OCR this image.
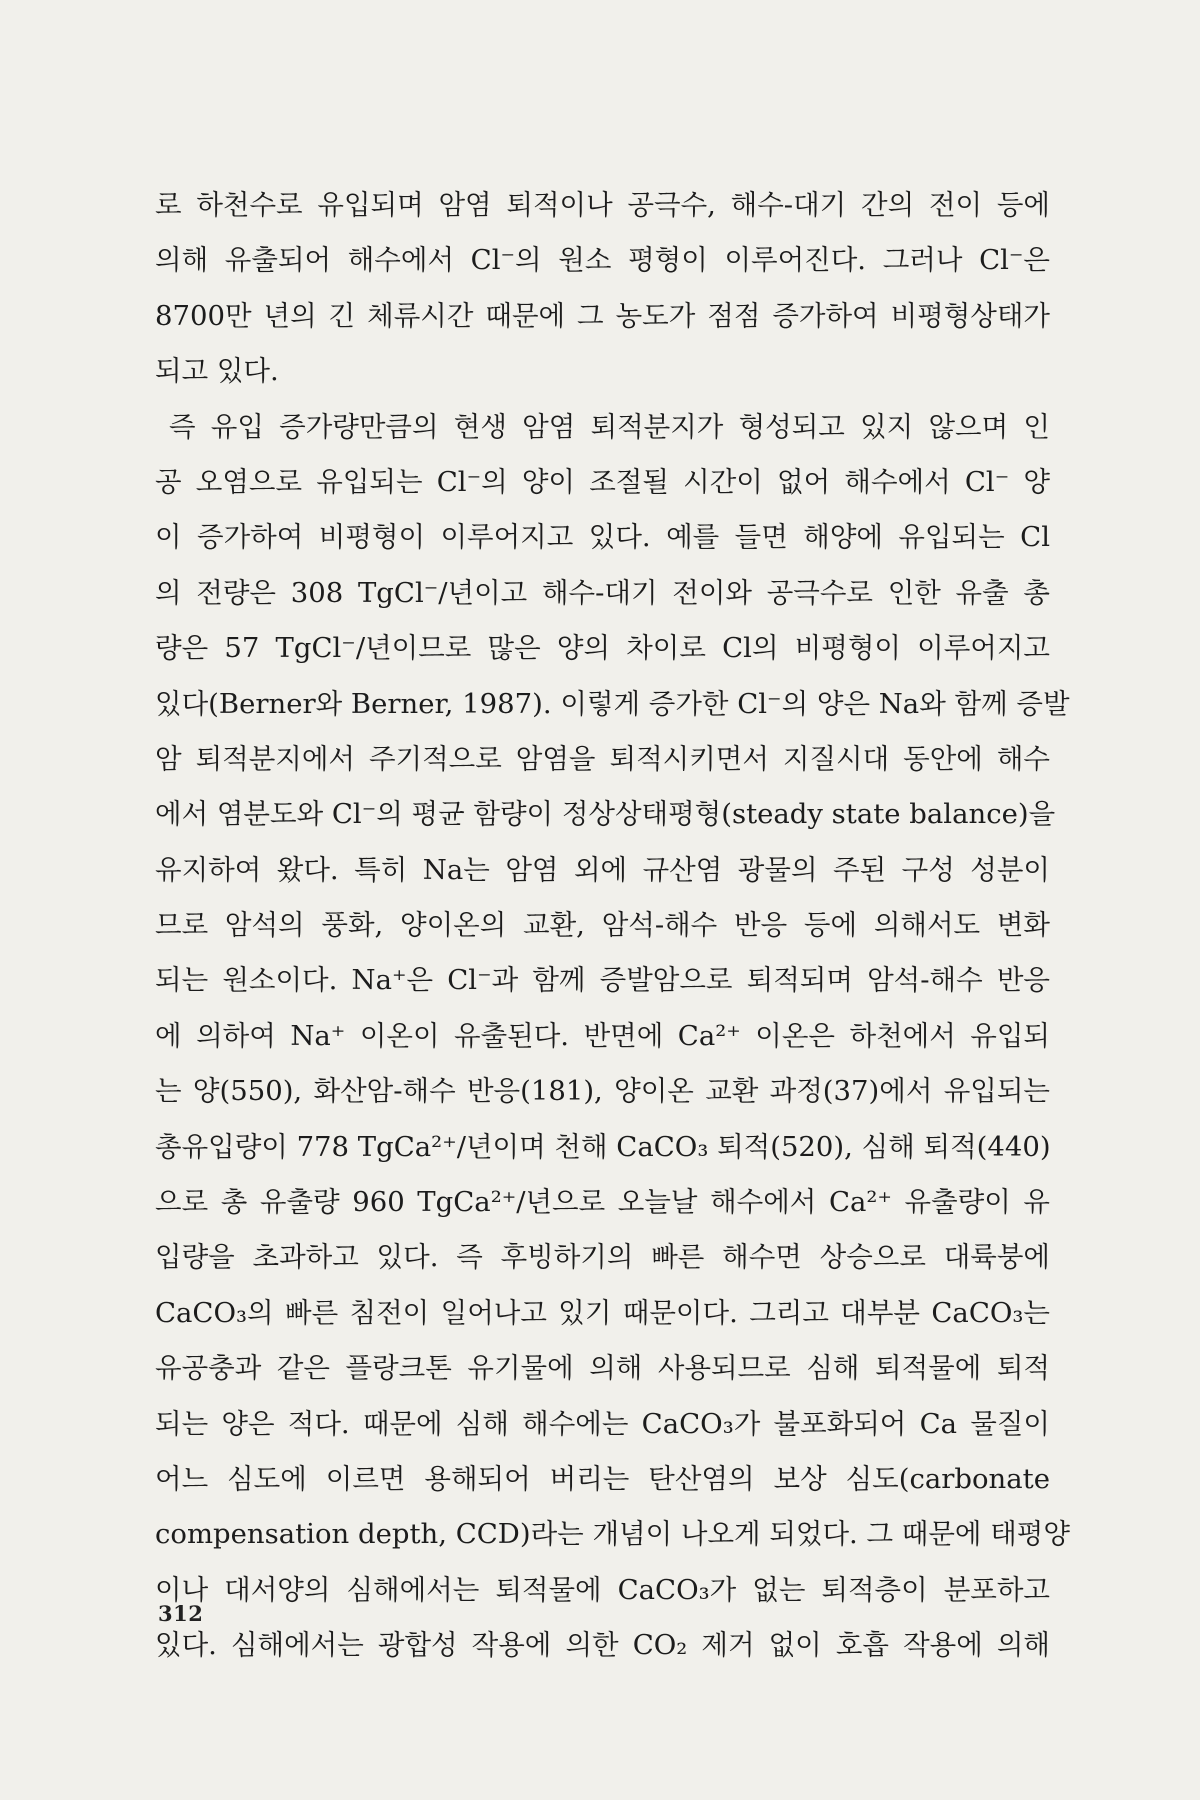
로 하천수로 유입되며 암염 퇴적이나 공극수, 해수-대기 간의 전이 등에
의해 유출되어 해수에서 Cl⁻의 원소 평형이 이루어진다. 그러나 Cl⁻은
8700만 년의 긴 체류시간 때문에 그 농도가 점점 증가하여 비평형상태가
되고 있다.
즉 유입 증가량만큼의 현생 암염 퇴적분지가 형성되고 있지 않으며 인
공 오염으로 유입되는 Cl⁻의 양이 조절될 시간이 없어 해수에서 Cl⁻ 양
이 증가하여 비평형이 이루어지고 있다. 예를 들면 해양에 유입되는 Cl
의 전량은 308 TgCl⁻/년이고 해수-대기 전이와 공극수로 인한 유출 총
량은 57 TgCl⁻/년이므로 많은 양의 차이로 Cl의 비평형이 이루어지고
있다(Berner와 Berner, 1987). 이렇게 증가한 Cl⁻의 양은 Na와 함께 증발
암 퇴적분지에서 주기적으로 암염을 퇴적시키면서 지질시대 동안에 해수
에서 염분도와 Cl⁻의 평균 함량이 정상상태평형(steady state balance)을
유지하여 왔다. 특히 Na는 암염 외에 규산염 광물의 주된 구성 성분이
므로 암석의 풍화, 양이온의 교환, 암석-해수 반응 등에 의해서도 변화
되는 원소이다. Na⁺은 Cl⁻과 함께 증발암으로 퇴적되며 암석-해수 반응
에 의하여 Na⁺ 이온이 유출된다. 반면에 Ca²⁺ 이온은 하천에서 유입되
는 양(550), 화산암-해수 반응(181), 양이온 교환 과정(37)에서 유입되는
총유입량이 778 TgCa²⁺/년이며 천해 CaCO₃ 퇴적(520), 심해 퇴적(440)
으로 총 유출량 960 TgCa²⁺/년으로 오늘날 해수에서 Ca²⁺ 유출량이 유
입량을 초과하고 있다. 즉 후빙하기의 빠른 해수면 상승으로 대륙붕에
CaCO₃의 빠른 침전이 일어나고 있기 때문이다. 그리고 대부분 CaCO₃는
유공충과 같은 플랑크톤 유기물에 의해 사용되므로 심해 퇴적물에 퇴적
되는 양은 적다. 때문에 심해 해수에는 CaCO₃가 불포화되어 Ca 물질이
어느 심도에 이르면 용해되어 버리는 탄산염의 보상 심도(carbonate
compensation depth, CCD)라는 개념이 나오게 되었다. 그 때문에 태평양
이나 대서양의 심해에서는 퇴적물에 CaCO₃가 없는 퇴적층이 분포하고
있다. 심해에서는 광합성 작용에 의한 CO₂ 제거 없이 호흡 작용에 의해
312
